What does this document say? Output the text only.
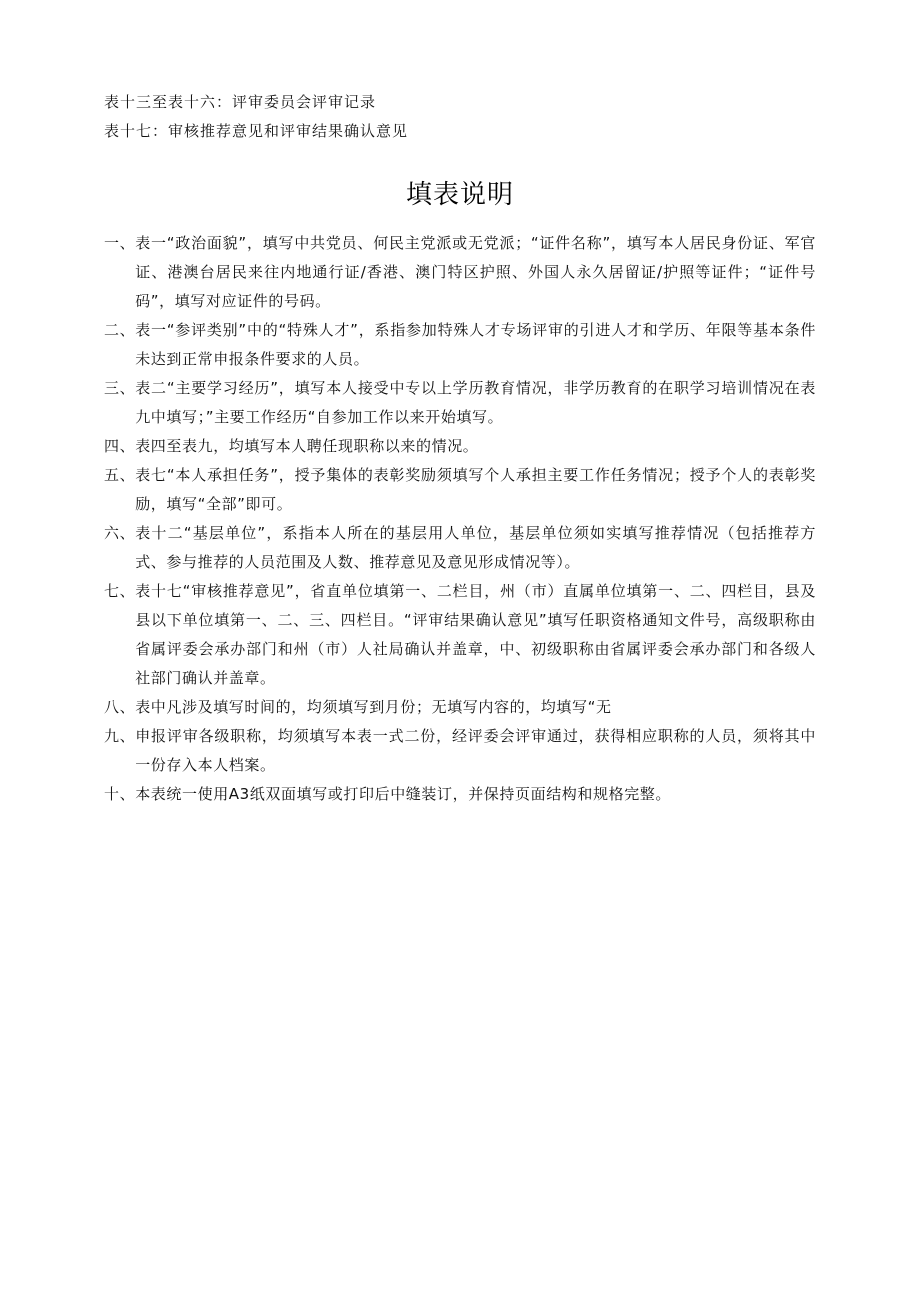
表十三至表十六：评审委员会评审记录
表十七：审核推荐意见和评审结果确认意见
填表说明
一、 表一“政治面貌”，填写中共党员、何民主党派或无党派；“证件名称”，填写本人居民身份证、军官证、港澳台居民来往内地通行证/香港、澳门特区护照、外国人永久居留证/护照等证件；“证件号码”，填写对应证件的号码。
二、 表一“参评类别”中的“特殊人才”，系指参加特殊人才专场评审的引进人才和学历、年限等基本条件未达到正常申报条件要求的人员。
三、 表二“主要学习经历”，填写本人接受中专以上学历教育情况，非学历教育的在职学习培训情况在表九中填写；”主要工作经历“自参加工作以来开始填写。
四、 表四至表九，均填写本人聘任现职称以来的情况。
五、 表七“本人承担任务”，授予集体的表彰奖励须填写个人承担主要工作任务情况；授予个人的表彰奖励，填写“全部”即可。
六、 表十二“基层单位”，系指本人所在的基层用人单位，基层单位须如实填写推荐情况（包括推荐方式、参与推荐的人员范围及人数、推荐意见及意见形成情况等）。
七、 表十七“审核推荐意见”，省直单位填第一、二栏目，州（市）直属单位填第一、二、四栏目，县及县以下单位填第一、二、三、四栏目。“评审结果确认意见”填写任职资格通知文件号，高级职称由省属评委会承办部门和州（市）人社局确认并盖章，中、初级职称由省属评委会承办部门和各级人社部门确认并盖章。
八、 表中凡涉及填写时间的，均须填写到月份；无填写内容的，均填写“无
九、 申报评审各级职称，均须填写本表一式二份，经评委会评审通过，获得相应职称的人员，须将其中一份存入本人档案。
十、 本表统一使用A3纸双面填写或打印后中缝装订，并保持页面结构和规格完整。
